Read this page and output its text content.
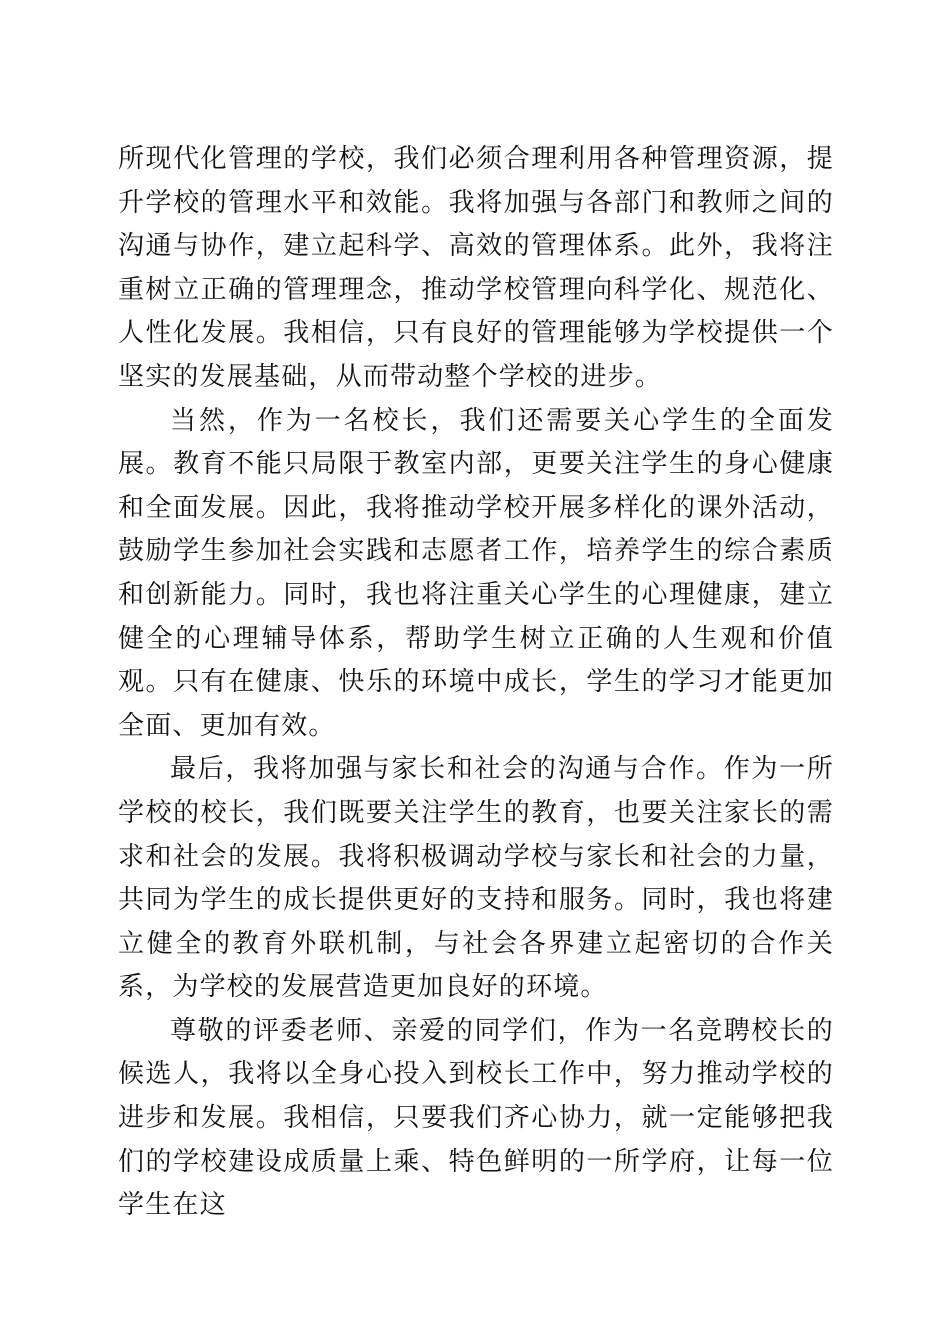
所现代化管理的学校，我们必须合理利用各种管理资源，提升学校的管理水平和效能。我将加强与各部门和教师之间的沟通与协作，建立起科学、高效的管理体系。此外，我将注重树立正确的管理理念，推动学校管理向科学化、规范化、人性化发展。我相信，只有良好的管理能够为学校提供一个坚实的发展基础，从而带动整个学校的进步。

当然，作为一名校长，我们还需要关心学生的全面发展。教育不能只局限于教室内部，更要关注学生的身心健康和全面发展。因此，我将推动学校开展多样化的课外活动，鼓励学生参加社会实践和志愿者工作，培养学生的综合素质和创新能力。同时，我也将注重关心学生的心理健康，建立健全的心理辅导体系，帮助学生树立正确的人生观和价值观。只有在健康、快乐的环境中成长，学生的学习才能更加全面、更加有效。

最后，我将加强与家长和社会的沟通与合作。作为一所学校的校长，我们既要关注学生的教育，也要关注家长的需求和社会的发展。我将积极调动学校与家长和社会的力量，共同为学生的成长提供更好的支持和服务。同时，我也将建立健全的教育外联机制，与社会各界建立起密切的合作关系，为学校的发展营造更加良好的环境。

尊敬的评委老师、亲爱的同学们，作为一名竞聘校长的候选人，我将以全身心投入到校长工作中，努力推动学校的进步和发展。我相信，只要我们齐心协力，就一定能够把我们的学校建设成质量上乘、特色鲜明的一所学府，让每一位学生在这
